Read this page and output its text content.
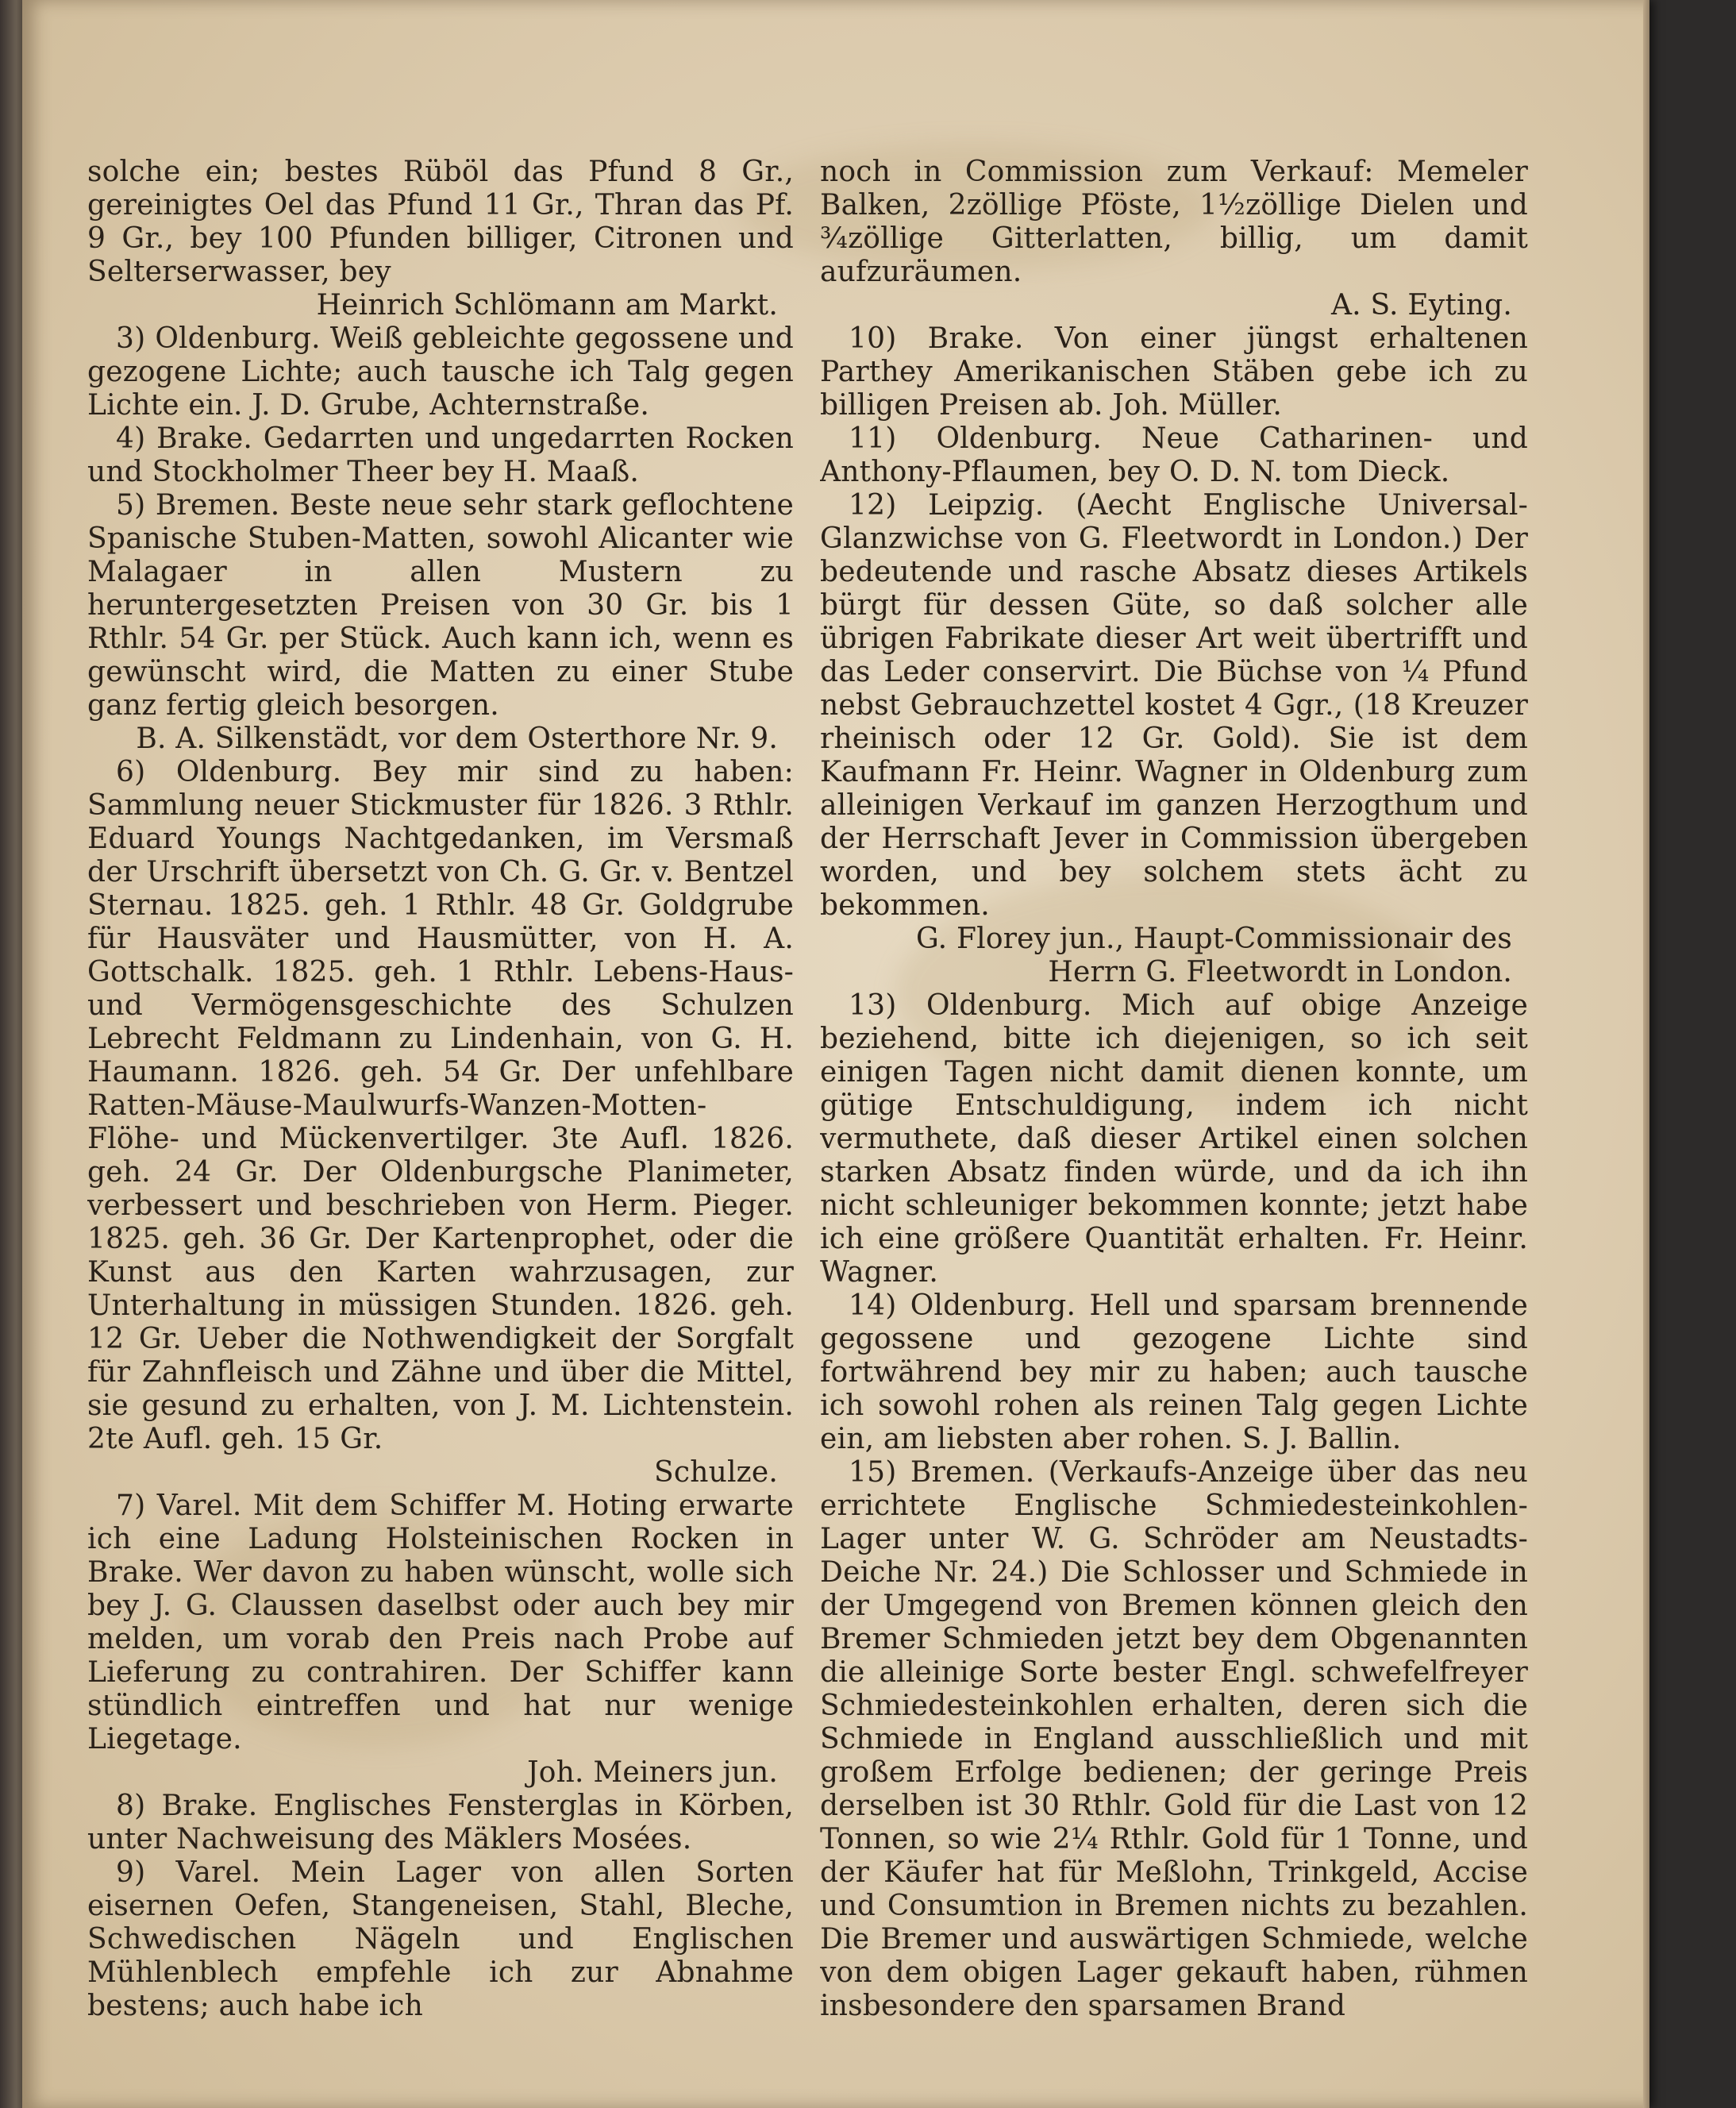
solche ein; bestes Rüböl das Pfund 8 Gr., gereinigtes Oel das Pfund 11 Gr., Thran das Pf. 9 Gr., bey 100 Pfunden billiger, Citronen und Selterserwasser, bey

Heinrich Schlömann am Markt.

3) Oldenburg. Weiß gebleichte gegossene und gezogene Lichte; auch tausche ich Talg gegen Lichte ein. J. D. Grube, Achternstraße.

4) Brake. Gedarrten und ungedarrten Rocken und Stockholmer Theer bey H. Maaß.

5) Bremen. Beste neue sehr stark geflochtene Spanische Stuben-Matten, sowohl Alicanter wie Malagaer in allen Mustern zu heruntergesetzten Preisen von 30 Gr. bis 1 Rthlr. 54 Gr. per Stück. Auch kann ich, wenn es gewünscht wird, die Matten zu einer Stube ganz fertig gleich besorgen.

B. A. Silkenstädt, vor dem Osterthore Nr. 9.

6) Oldenburg. Bey mir sind zu haben: Sammlung neuer Stickmuster für 1826. 3 Rthlr. Eduard Youngs Nachtgedanken, im Versmaß der Urschrift übersetzt von Ch. G. Gr. v. Bentzel Sternau. 1825. geh. 1 Rthlr. 48 Gr. Goldgrube für Hausväter und Hausmütter, von H. A. Gottschalk. 1825. geh. 1 Rthlr. Lebens-Haus- und Vermögensgeschichte des Schulzen Lebrecht Feldmann zu Lindenhain, von G. H. Haumann. 1826. geh. 54 Gr. Der unfehlbare Ratten-Mäuse-Maulwurfs-Wanzen-Motten-Flöhe- und Mückenvertilger. 3te Aufl. 1826. geh. 24 Gr. Der Oldenburgsche Planimeter, verbessert und beschrieben von Herm. Pieger. 1825. geh. 36 Gr. Der Kartenprophet, oder die Kunst aus den Karten wahrzusagen, zur Unterhaltung in müssigen Stunden. 1826. geh. 12 Gr. Ueber die Nothwendigkeit der Sorgfalt für Zahnfleisch und Zähne und über die Mittel, sie gesund zu erhalten, von J. M. Lichtenstein. 2te Aufl. geh. 15 Gr.

Schulze.

7) Varel. Mit dem Schiffer M. Hoting erwarte ich eine Ladung Holsteinischen Rocken in Brake. Wer davon zu haben wünscht, wolle sich bey J. G. Claussen daselbst oder auch bey mir melden, um vorab den Preis nach Probe auf Lieferung zu contrahiren. Der Schiffer kann stündlich eintreffen und hat nur wenige Liegetage.

Joh. Meiners jun.

8) Brake. Englisches Fensterglas in Körben, unter Nachweisung des Mäklers Mosées.

9) Varel. Mein Lager von allen Sorten eisernen Oefen, Stangeneisen, Stahl, Bleche, Schwedischen Nägeln und Englischen Mühlenblech empfehle ich zur Abnahme bestens; auch habe ich

noch in Commission zum Verkauf: Memeler Balken, 2zöllige Pföste, 1½zöllige Dielen und ¾zöllige Gitterlatten, billig, um damit aufzuräumen.

A. S. Eyting.

10) Brake. Von einer jüngst erhaltenen Parthey Amerikanischen Stäben gebe ich zu billigen Preisen ab. Joh. Müller.

11) Oldenburg. Neue Catharinen- und Anthony-Pflaumen, bey O. D. N. tom Dieck.

12) Leipzig. (Aecht Englische Universal-Glanzwichse von G. Fleetwordt in London.) Der bedeutende und rasche Absatz dieses Artikels bürgt für dessen Güte, so daß solcher alle übrigen Fabrikate dieser Art weit übertrifft und das Leder conservirt. Die Büchse von ¼ Pfund nebst Gebrauchzettel kostet 4 Ggr., (18 Kreuzer rheinisch oder 12 Gr. Gold). Sie ist dem Kaufmann Fr. Heinr. Wagner in Oldenburg zum alleinigen Verkauf im ganzen Herzogthum und der Herrschaft Jever in Commission übergeben worden, und bey solchem stets ächt zu bekommen.

G. Florey jun., Haupt-Commissionair des Herrn G. Fleetwordt in London.

13) Oldenburg. Mich auf obige Anzeige beziehend, bitte ich diejenigen, so ich seit einigen Tagen nicht damit dienen konnte, um gütige Entschuldigung, indem ich nicht vermuthete, daß dieser Artikel einen solchen starken Absatz finden würde, und da ich ihn nicht schleuniger bekommen konnte; jetzt habe ich eine größere Quantität erhalten. Fr. Heinr. Wagner.

14) Oldenburg. Hell und sparsam brennende gegossene und gezogene Lichte sind fortwährend bey mir zu haben; auch tausche ich sowohl rohen als reinen Talg gegen Lichte ein, am liebsten aber rohen. S. J. Ballin.

15) Bremen. (Verkaufs-Anzeige über das neu errichtete Englische Schmiedesteinkohlen-Lager unter W. G. Schröder am Neustadts-Deiche Nr. 24.) Die Schlosser und Schmiede in der Umgegend von Bremen können gleich den Bremer Schmieden jetzt bey dem Obgenannten die alleinige Sorte bester Engl. schwefelfreyer Schmiedesteinkohlen erhalten, deren sich die Schmiede in England ausschließlich und mit großem Erfolge bedienen; der geringe Preis derselben ist 30 Rthlr. Gold für die Last von 12 Tonnen, so wie 2¼ Rthlr. Gold für 1 Tonne, und der Käufer hat für Meßlohn, Trinkgeld, Accise und Consumtion in Bremen nichts zu bezahlen. Die Bremer und auswärtigen Schmiede, welche von dem obigen Lager gekauft haben, rühmen insbesondere den sparsamen Brand
